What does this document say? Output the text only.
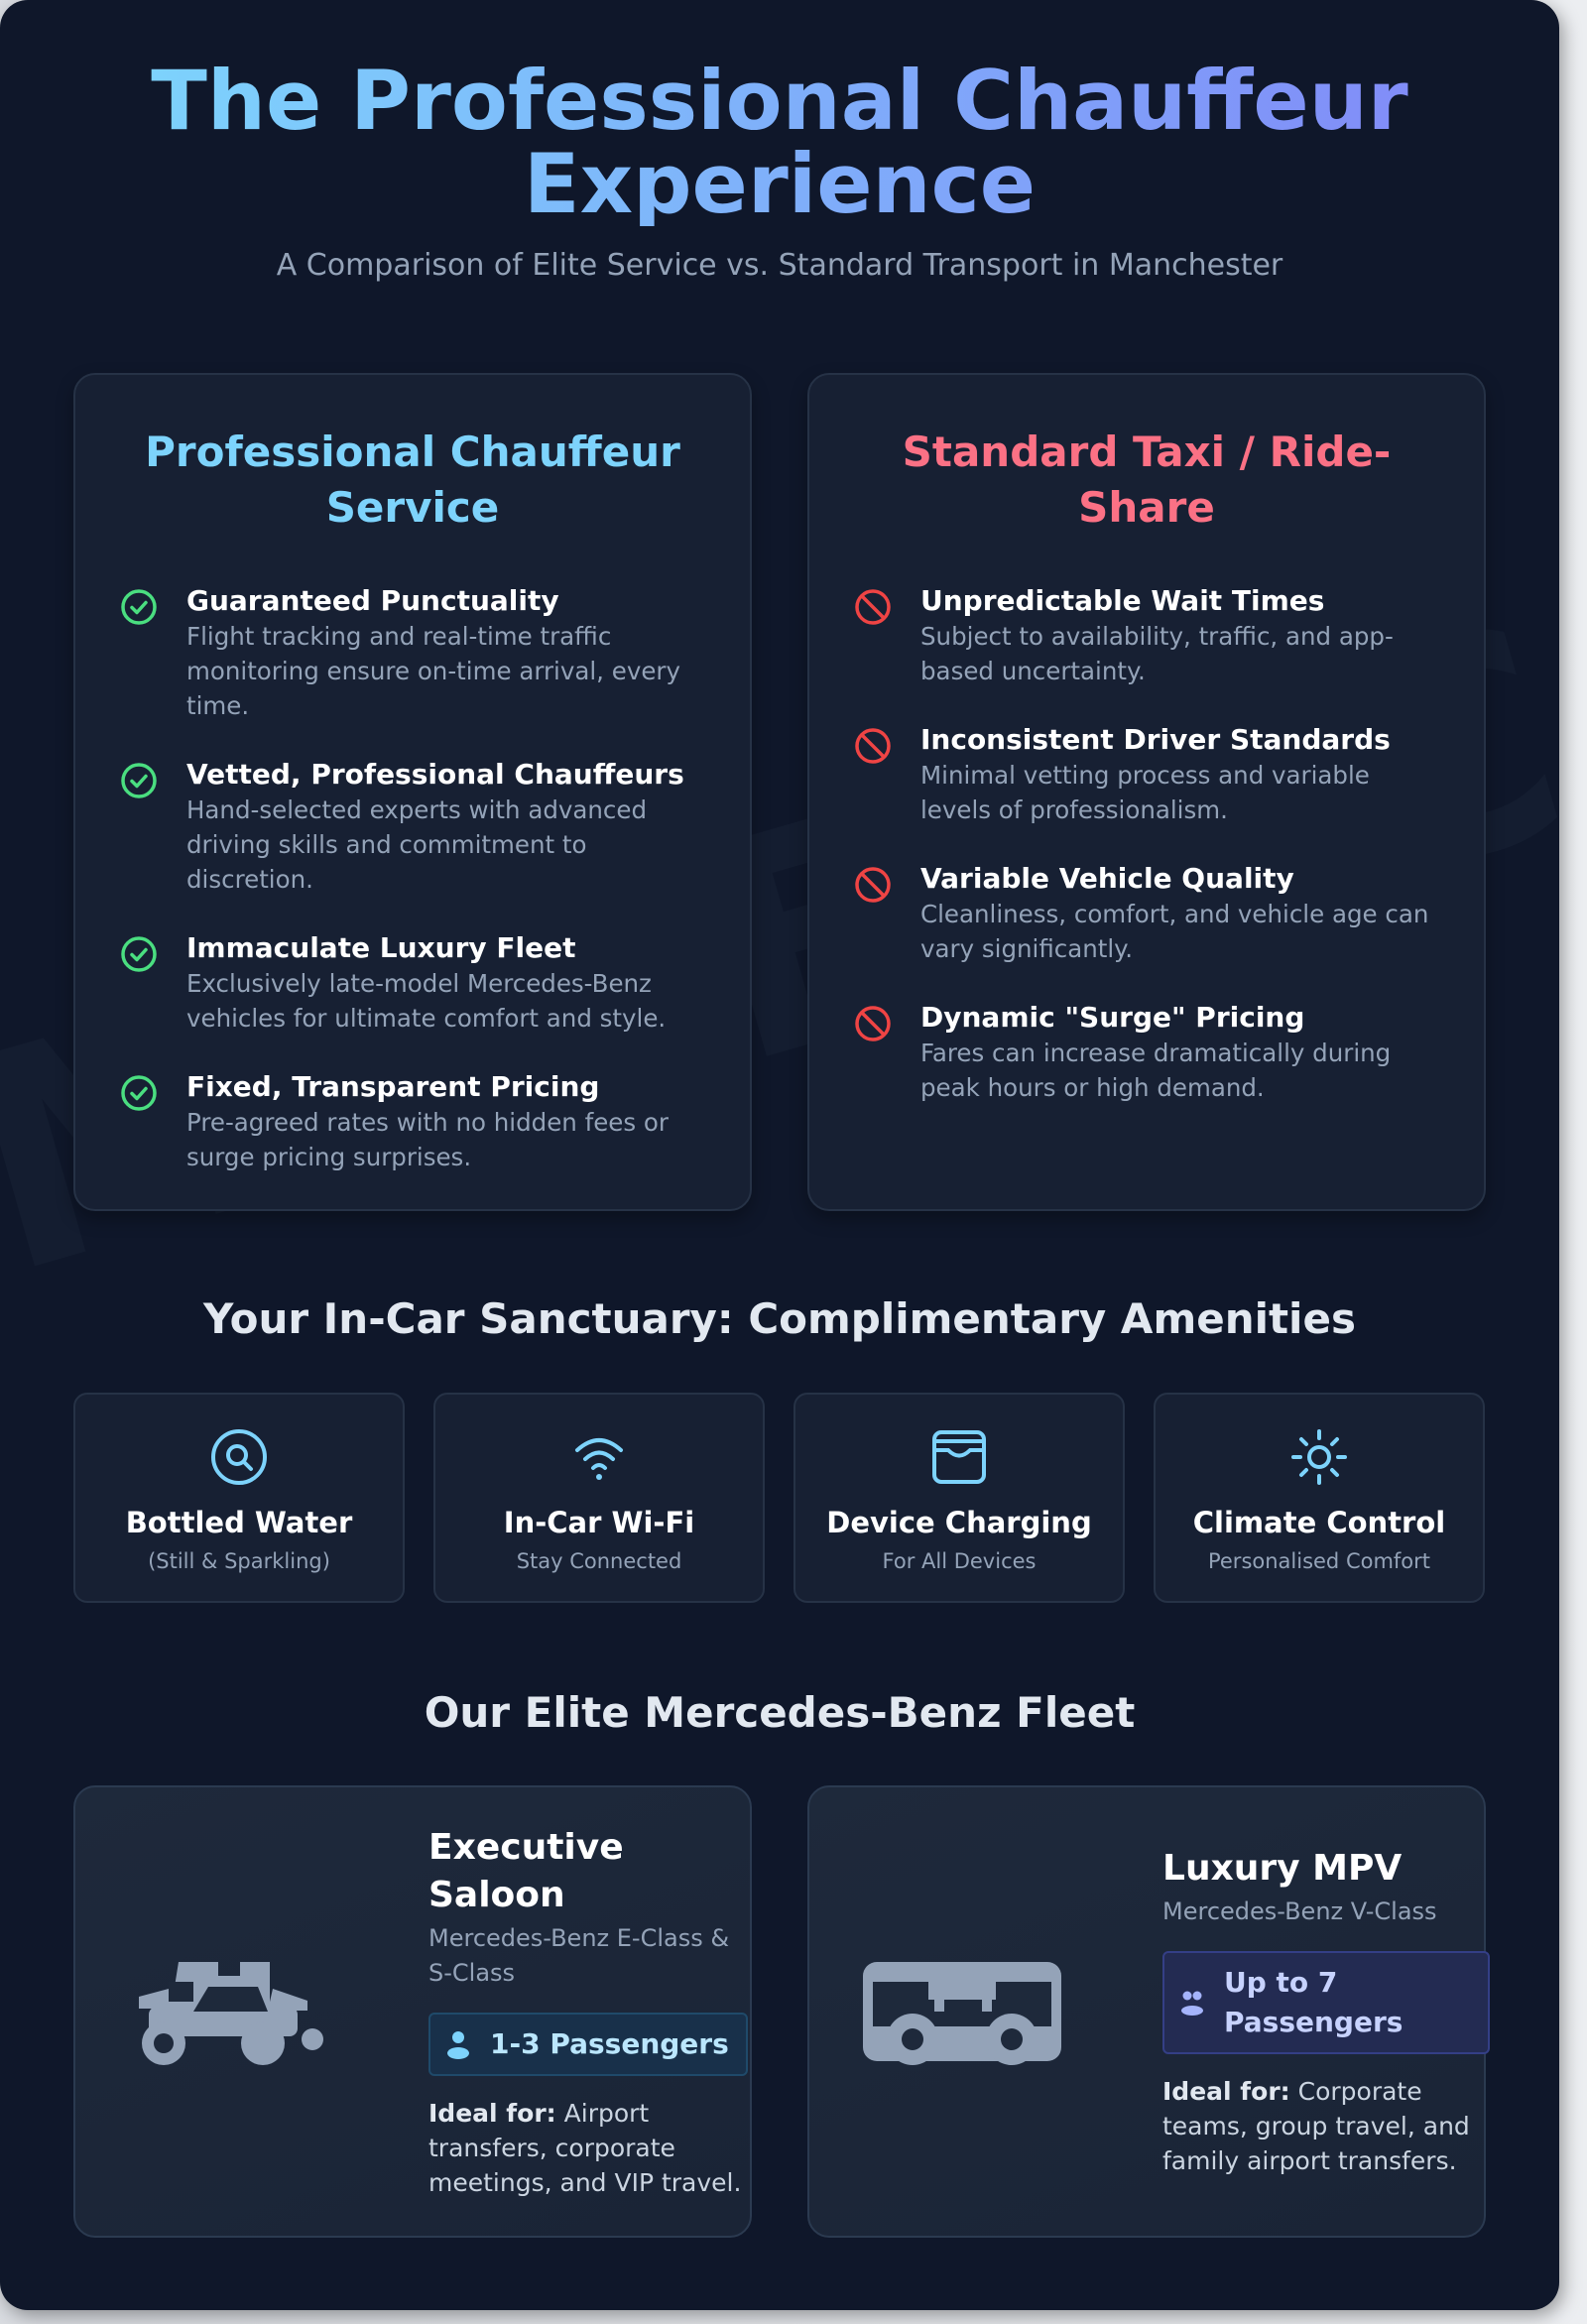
The Professional Chauffeur Experience
A Comparison of Elite Service vs. Standard Transport in Manchester
Professional Chauffeur Service
Guaranteed Punctuality
Flight tracking and real-time traffic monitoring ensure on-time arrival, every time.
Vetted, Professional Chauffeurs
Hand-selected experts with advanced driving skills and commitment to discretion.
Immaculate Luxury Fleet
Exclusively late-model Mercedes-Benz vehicles for ultimate comfort and style.
Fixed, Transparent Pricing
Pre-agreed rates with no hidden fees or surge pricing surprises.
Standard Taxi / Ride-Share
Unpredictable Wait Times
Subject to availability, traffic, and app-based uncertainty.
Inconsistent Driver Standards
Minimal vetting process and variable levels of professionalism.
Variable Vehicle Quality
Cleanliness, comfort, and vehicle age can vary significantly.
Dynamic "Surge" Pricing
Fares can increase dramatically during peak hours or high demand.
Your In-Car Sanctuary: Complimentary Amenities
Bottled Water
(Still & Sparkling)
In-Car Wi-Fi
Stay Connected
Device Charging
For All Devices
Climate Control
Personalised Comfort
Our Elite Mercedes-Benz Fleet
Executive Saloon
Mercedes-Benz E-Class & S-Class
1-3 Passengers
Ideal for: Airport transfers, corporate meetings, and VIP travel.
Luxury MPV
Mercedes-Benz V-Class
Up to 7 Passengers
Ideal for: Corporate teams, group travel, and family airport transfers.
